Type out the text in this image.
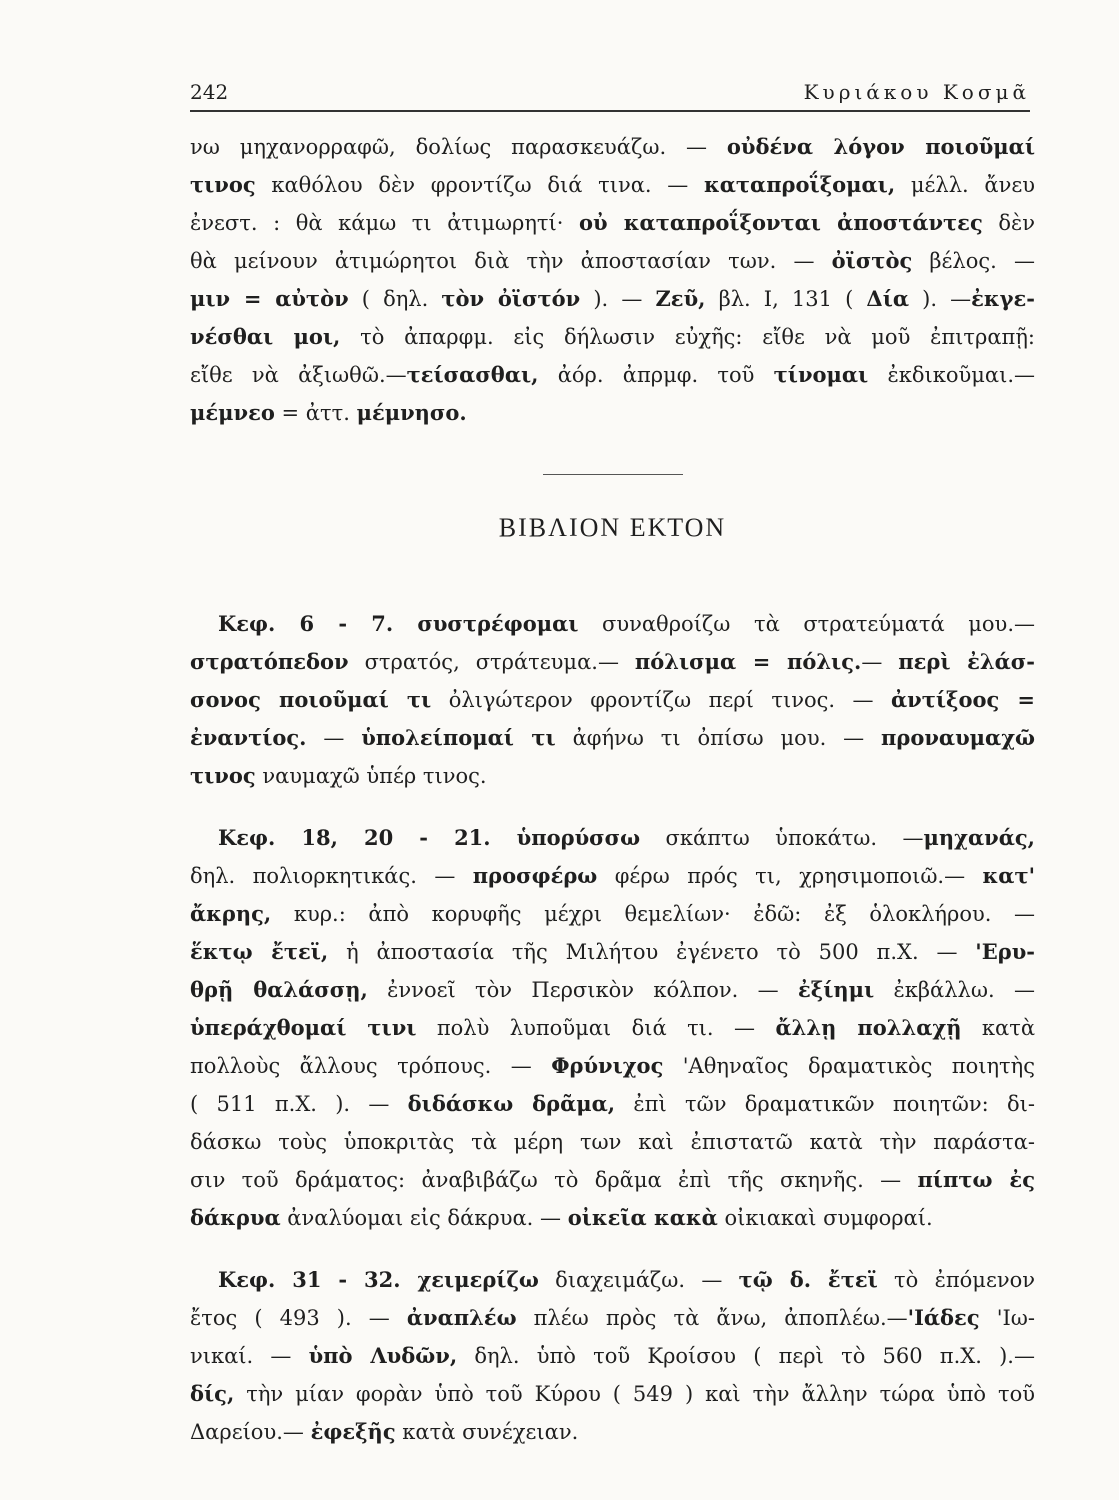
242	Κυριάκου Κοσμᾶ

νω μηχανορραφῶ, δολίως παρασκευάζω. — οὐδένα λόγον ποιοῦμαί

τινος καθόλου δὲν φροντίζω διά τινα. — καταπροΐξομαι, μέλλ. ἄνευ

ἐνεστ. : θὰ κάμω τι ἀτιμωρητί· οὐ καταπροΐξονται ἀποστάντες δὲν

θὰ μείνουν ἀτιμώρητοι διὰ τὴν ἀποστασίαν των. — ὀϊστὸς βέλος. —

μιν = αὐτὸν ( δηλ. τὸν ὀϊστόν ). — Ζεῦ, βλ. I, 131 ( Δία ). —ἐκγε-

νέσθαι μοι, τὸ ἀπαρφμ. εἰς δήλωσιν εὐχῆς: εἴθε νὰ μοῦ ἐπιτραπῇ:

εἴθε νὰ ἀξιωθῶ.—τείσασθαι, ἀόρ. ἀπρμφ. τοῦ τίνομαι ἐκδικοῦμαι.—

μέμνεο = ἀττ. μέμνησο.

ΒΙΒΛΙΟΝ ΕΚΤΟΝ

Κεφ. 6 - 7. συστρέφομαι συναθροίζω τὰ στρατεύματά μου.—

στρατόπεδον στρατός, στράτευμα.— πόλισμα = πόλις.— περὶ ἐλάσ-

σονος ποιοῦμαί τι ὀλιγώτερον φροντίζω περί τινος. — ἀντίξοος =

ἐναντίος. — ὑπολείπομαί τι ἀφήνω τι ὀπίσω μου. — προναυμαχῶ

τινος ναυμαχῶ ὑπέρ τινος.

Κεφ. 18, 20 - 21. ὑπορύσσω σκάπτω ὑποκάτω. —μηχανάς,

δηλ. πολιορκητικάς. — προσφέρω φέρω πρός τι, χρησιμοποιῶ.— κατ'

ἄκρης, κυρ.: ἀπὸ κορυφῆς μέχρι θεμελίων· ἐδῶ: ἐξ ὁλοκλήρου. —

ἕκτῳ ἔτεϊ, ἡ ἀποστασία τῆς Μιλήτου ἐγένετο τὸ 500 π.Χ. — 'Ερυ-

θρῇ θαλάσσῃ, ἐννοεῖ τὸν Περσικὸν κόλπον. — ἐξίημι ἐκβάλλω. —

ὑπεράχθομαί τινι πολὺ λυποῦμαι διά τι. — ἄλλῃ πολλαχῇ κατὰ

πολλοὺς ἄλλους τρόπους. — Φρύνιχος 'Αθηναῖος δραματικὸς ποιητὴς

( 511 π.Χ. ). — διδάσκω δρᾶμα, ἐπὶ τῶν δραματικῶν ποιητῶν: δι-

δάσκω τοὺς ὑποκριτὰς τὰ μέρη των καὶ ἐπιστατῶ κατὰ τὴν παράστα-

σιν τοῦ δράματος: ἀναβιβάζω τὸ δρᾶμα ἐπὶ τῆς σκηνῆς. — πίπτω ἐς

δάκρυα ἀναλύομαι εἰς δάκρυα. — οἰκεῖα κακὰ οἰκιακαὶ συμφοραί.

Κεφ. 31 - 32. χειμερίζω διαχειμάζω. — τῷ δ. ἔτεϊ τὸ ἐπόμενον

ἔτος ( 493 ). — ἀναπλέω πλέω πρὸς τὰ ἄνω, ἀποπλέω.—'Ιάδες 'Ιω-

νικαί. — ὑπὸ Λυδῶν, δηλ. ὑπὸ τοῦ Κροίσου ( περὶ τὸ 560 π.Χ. ).—

δίς, τὴν μίαν φορὰν ὑπὸ τοῦ Κύρου ( 549 ) καὶ τὴν ἄλλην τώρα ὑπὸ τοῦ

Δαρείου.— ἐφεξῆς κατὰ συνέχειαν.
